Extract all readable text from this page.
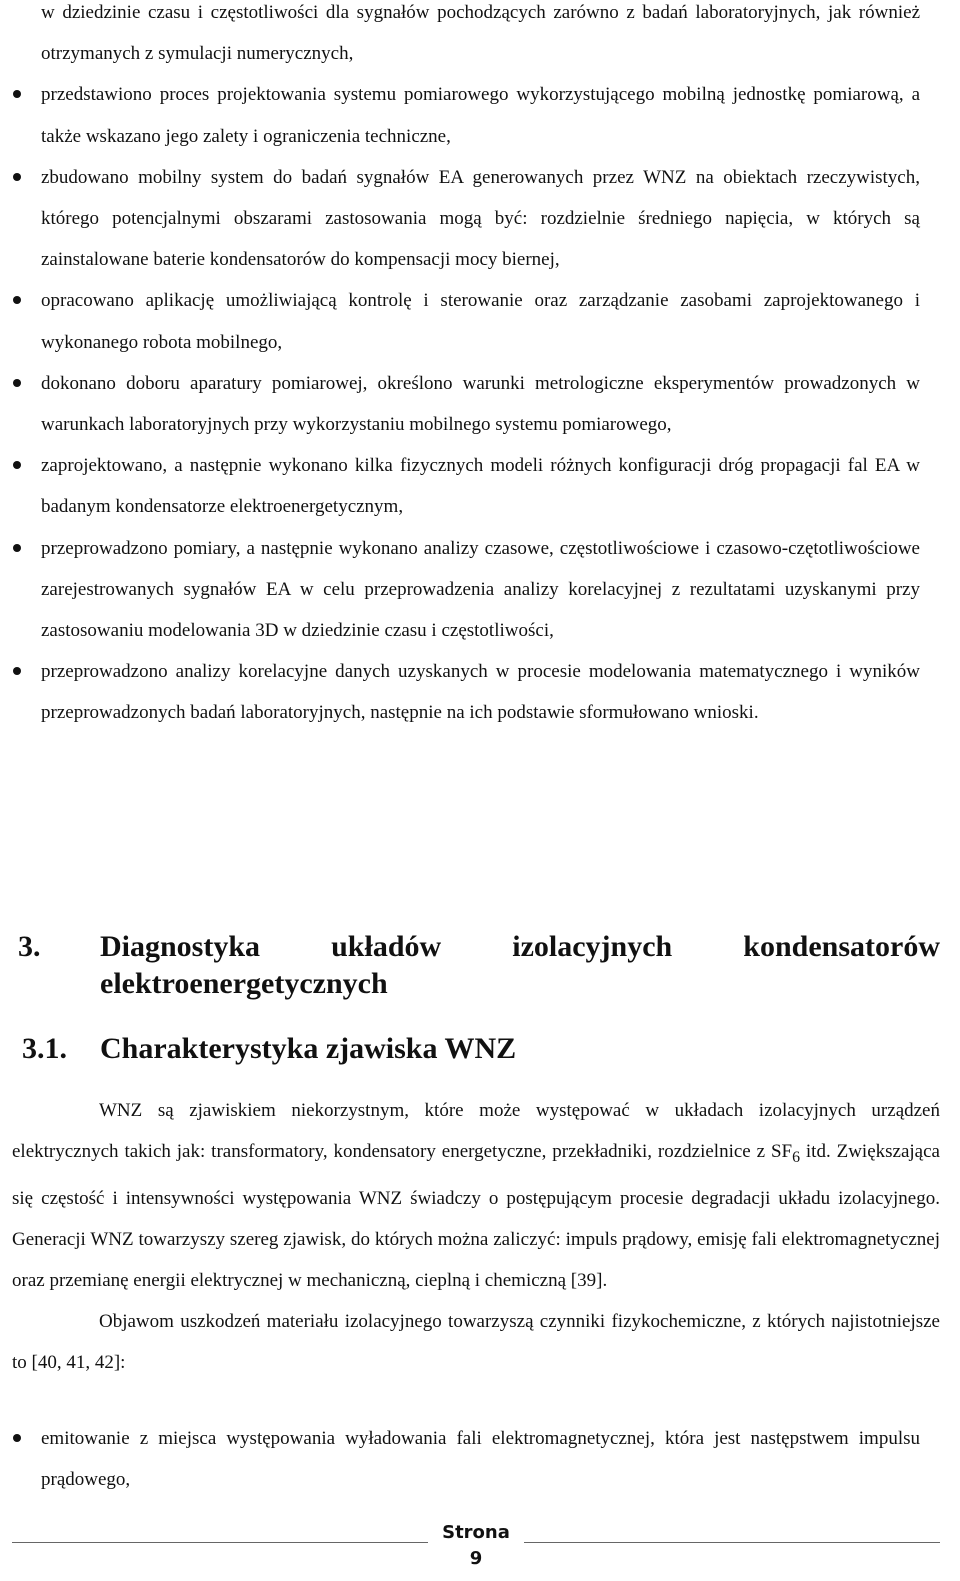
w dziedzinie czasu i częstotliwości dla sygnałów pochodzących zarówno z badań laboratoryjnych, jak również otrzymanych z symulacji numerycznych,
przedstawiono proces projektowania systemu pomiarowego wykorzystującego mobilną jednostkę pomiarową, a także wskazano jego zalety i ograniczenia techniczne,
zbudowano mobilny system do badań sygnałów EA generowanych przez WNZ na obiektach rzeczywistych, którego potencjalnymi obszarami zastosowania mogą być: rozdzielnie średniego napięcia, w których są zainstalowane baterie kondensatorów do kompensacji mocy biernej,
opracowano aplikację umożliwiającą kontrolę i sterowanie oraz zarządzanie zasobami zaprojektowanego i wykonanego robota mobilnego,
dokonano doboru aparatury pomiarowej, określono warunki metrologiczne eksperymentów prowadzonych w warunkach laboratoryjnych przy wykorzystaniu mobilnego systemu pomiarowego,
zaprojektowano, a następnie wykonano kilka fizycznych modeli różnych konfiguracji dróg propagacji fal EA w badanym kondensatorze elektroenergetycznym,
przeprowadzono pomiary, a następnie wykonano analizy czasowe, częstotliwościowe i czasowo-czętotliwościowe zarejestrowanych sygnałów EA w celu przeprowadzenia analizy korelacyjnej z rezultatami uzyskanymi przy zastosowaniu modelowania 3D w dziedzinie czasu i częstotliwości,
przeprowadzono analizy korelacyjne danych uzyskanych w procesie modelowania matematycznego i wyników przeprowadzonych badań laboratoryjnych, następnie na ich podstawie sformułowano wnioski.
3. Diagnostyka układów izolacyjnych kondensatorów
elektroenergetycznych
3.1. Charakterystyka zjawiska WNZ

WNZ są zjawiskiem niekorzystnym, które może występować w układach izolacyjnych urządzeń elektrycznych takich jak: transformatory, kondensatory energetyczne, przekładniki, rozdzielnice z $SF_6$ itd. Zwiększająca się częstość i intensywności występowania WNZ świadczy o postępującym procesie degradacji układu izolacyjnego. Generacji WNZ towarzyszy szereg zjawisk, do których można zaliczyć: impuls prądowy, emisję fali elektromagnetycznej oraz przemianę energii elektrycznej w mechaniczną, cieplną i chemiczną [39].

Objawom uszkodzeń materiału izolacyjnego towarzyszą czynniki fizykochemiczne, z których najistotniejsze to [40, 41, 42]:

emitowanie z miejsca występowania wyładowania fali elektromagnetycznej, która jest następstwem impulsu prądowego,
Strona
9
